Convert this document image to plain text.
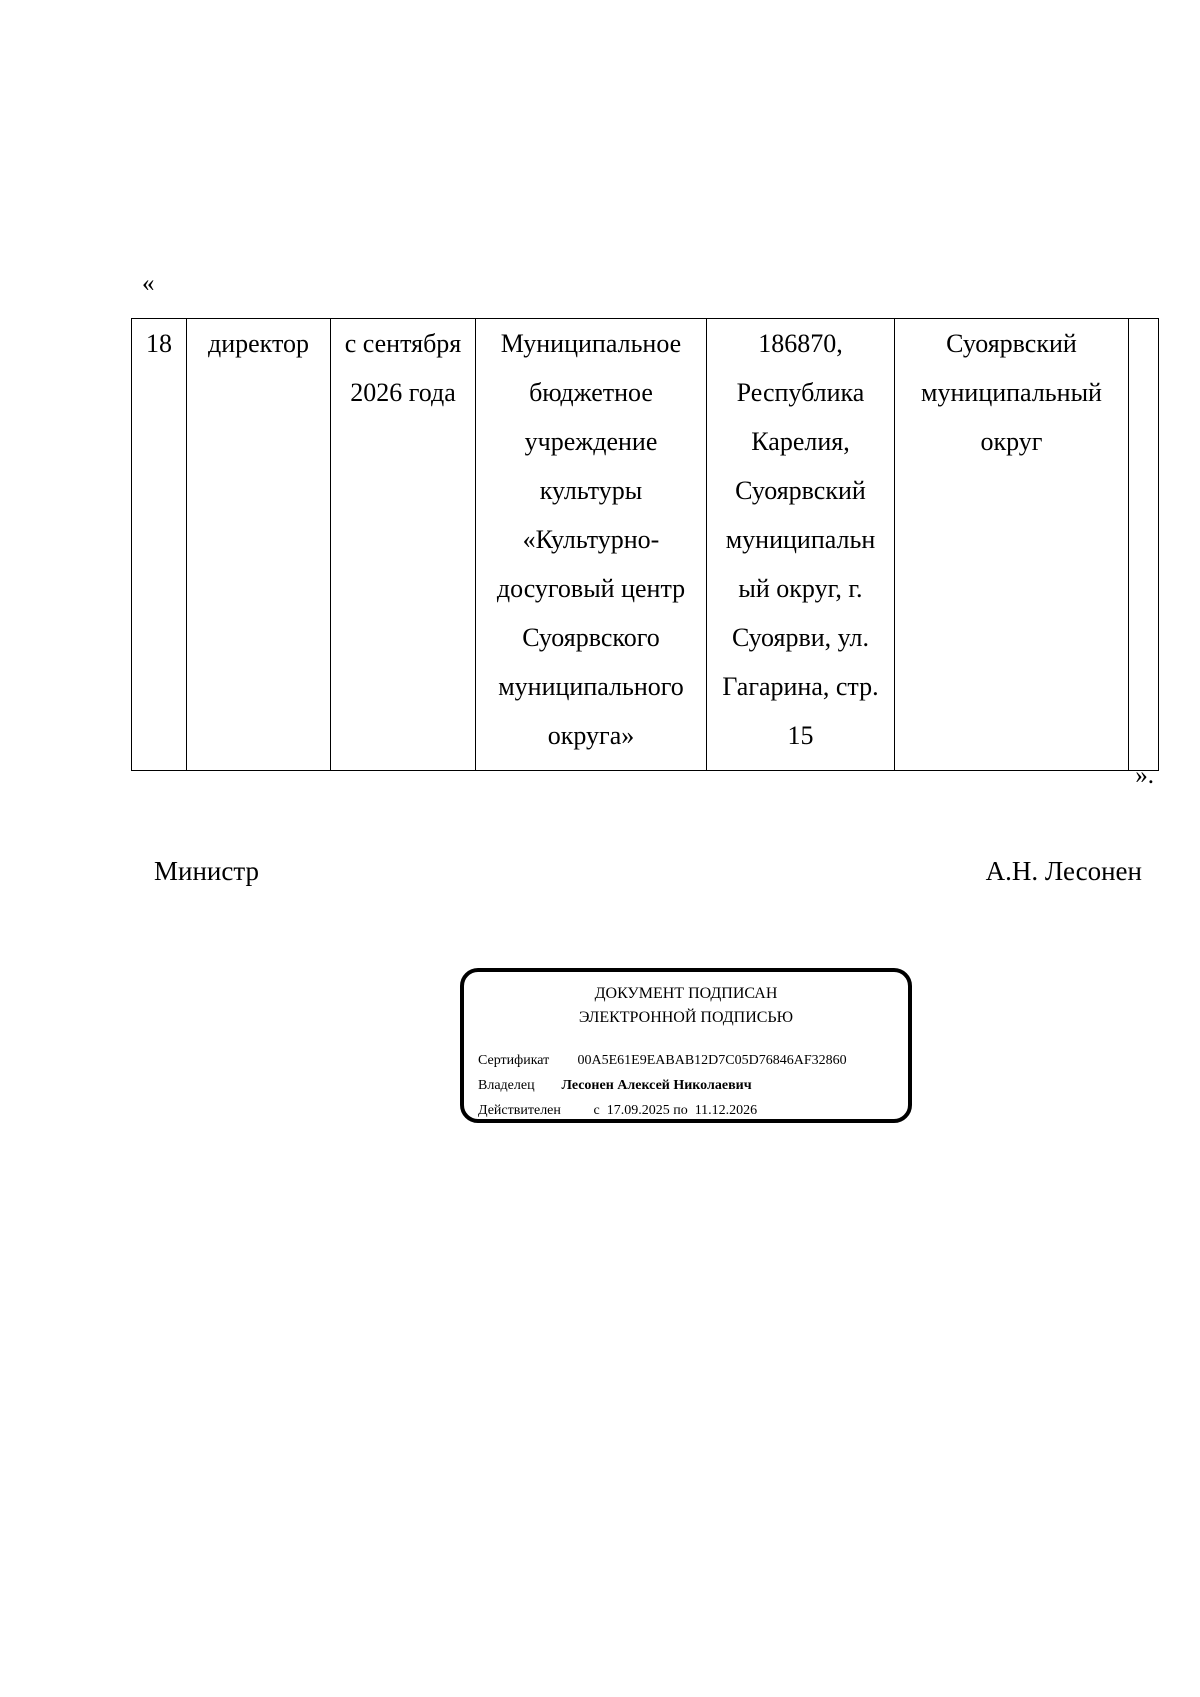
«
18	директор	с сентября 2026 года	Муниципальное бюджетное учреждение культуры «Культурно-досуговый центр Суоярвского муниципального округа»	186870, Республика Карелия, Суоярвский муниципальн ый округ, г. Суоярви, ул. Гагарина, стр. 15	Суоярвский муниципальный округ	
».
Министр	А.Н. Лесонен
ДОКУМЕНТ ПОДПИСАН
ЭЛЕКТРОННОЙ ПОДПИСЬЮ
Сертификат 00A5E61E9EABAB12D7C05D76846AF32860
Владелец Лесонен Алексей Николаевич
Действителен с  17.09.2025 по  11.12.2026
